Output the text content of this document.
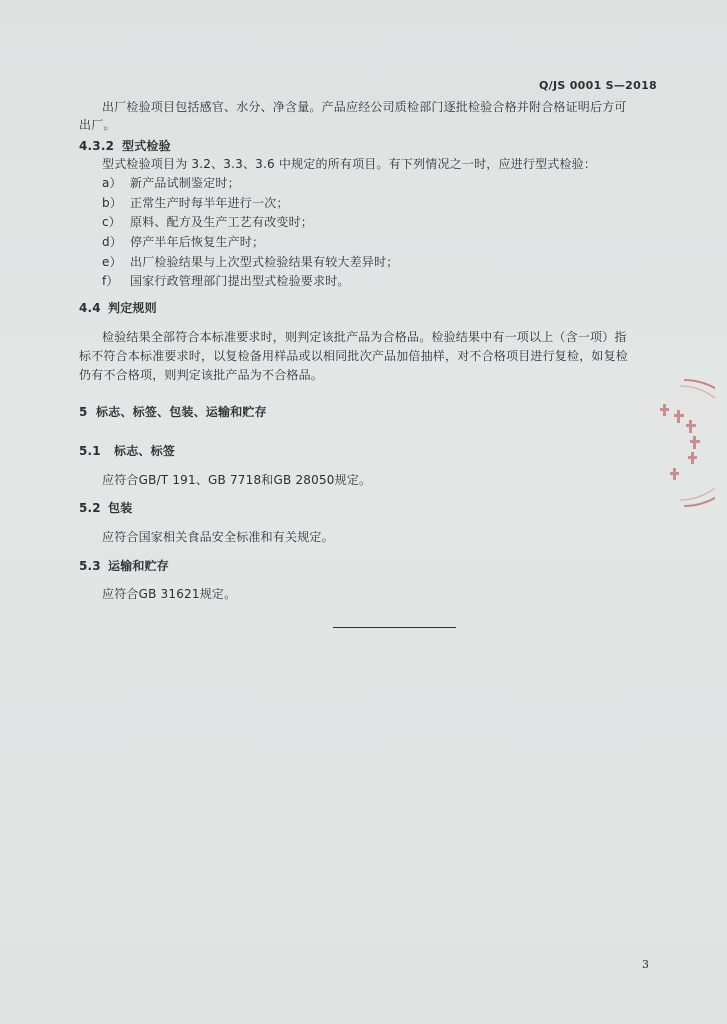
Q/JS 0001 S—2018
出厂检验项目包括感官、水分、净含量。产品应经公司质检部门逐批检验合格并附合格证明后方可
出厂。
4.3.2 型式检验
型式检验项目为 3.2、3.3、3.6 中规定的所有项目。有下列情况之一时，应进行型式检验：
a） 新产品试制鉴定时；
b） 正常生产时每半年进行一次；
c） 原料、配方及生产工艺有改变时；
d） 停产半年后恢复生产时；
e） 出厂检验结果与上次型式检验结果有较大差异时；
f） 国家行政管理部门提出型式检验要求时。
4.4 判定规则
检验结果全部符合本标准要求时，则判定该批产品为合格品。检验结果中有一项以上（含一项）指
标不符合本标准要求时，以复检备用样品或以相同批次产品加倍抽样，对不合格项目进行复检，如复检
仍有不合格项，则判定该批产品为不合格品。
5 标志、标签、包装、运输和贮存
5.1 标志、标签
应符合GB/T 191、GB 7718和GB 28050规定。
5.2 包装
应符合国家相关食品安全标准和有关规定。
5.3 运输和贮存
应符合GB 31621规定。
3
